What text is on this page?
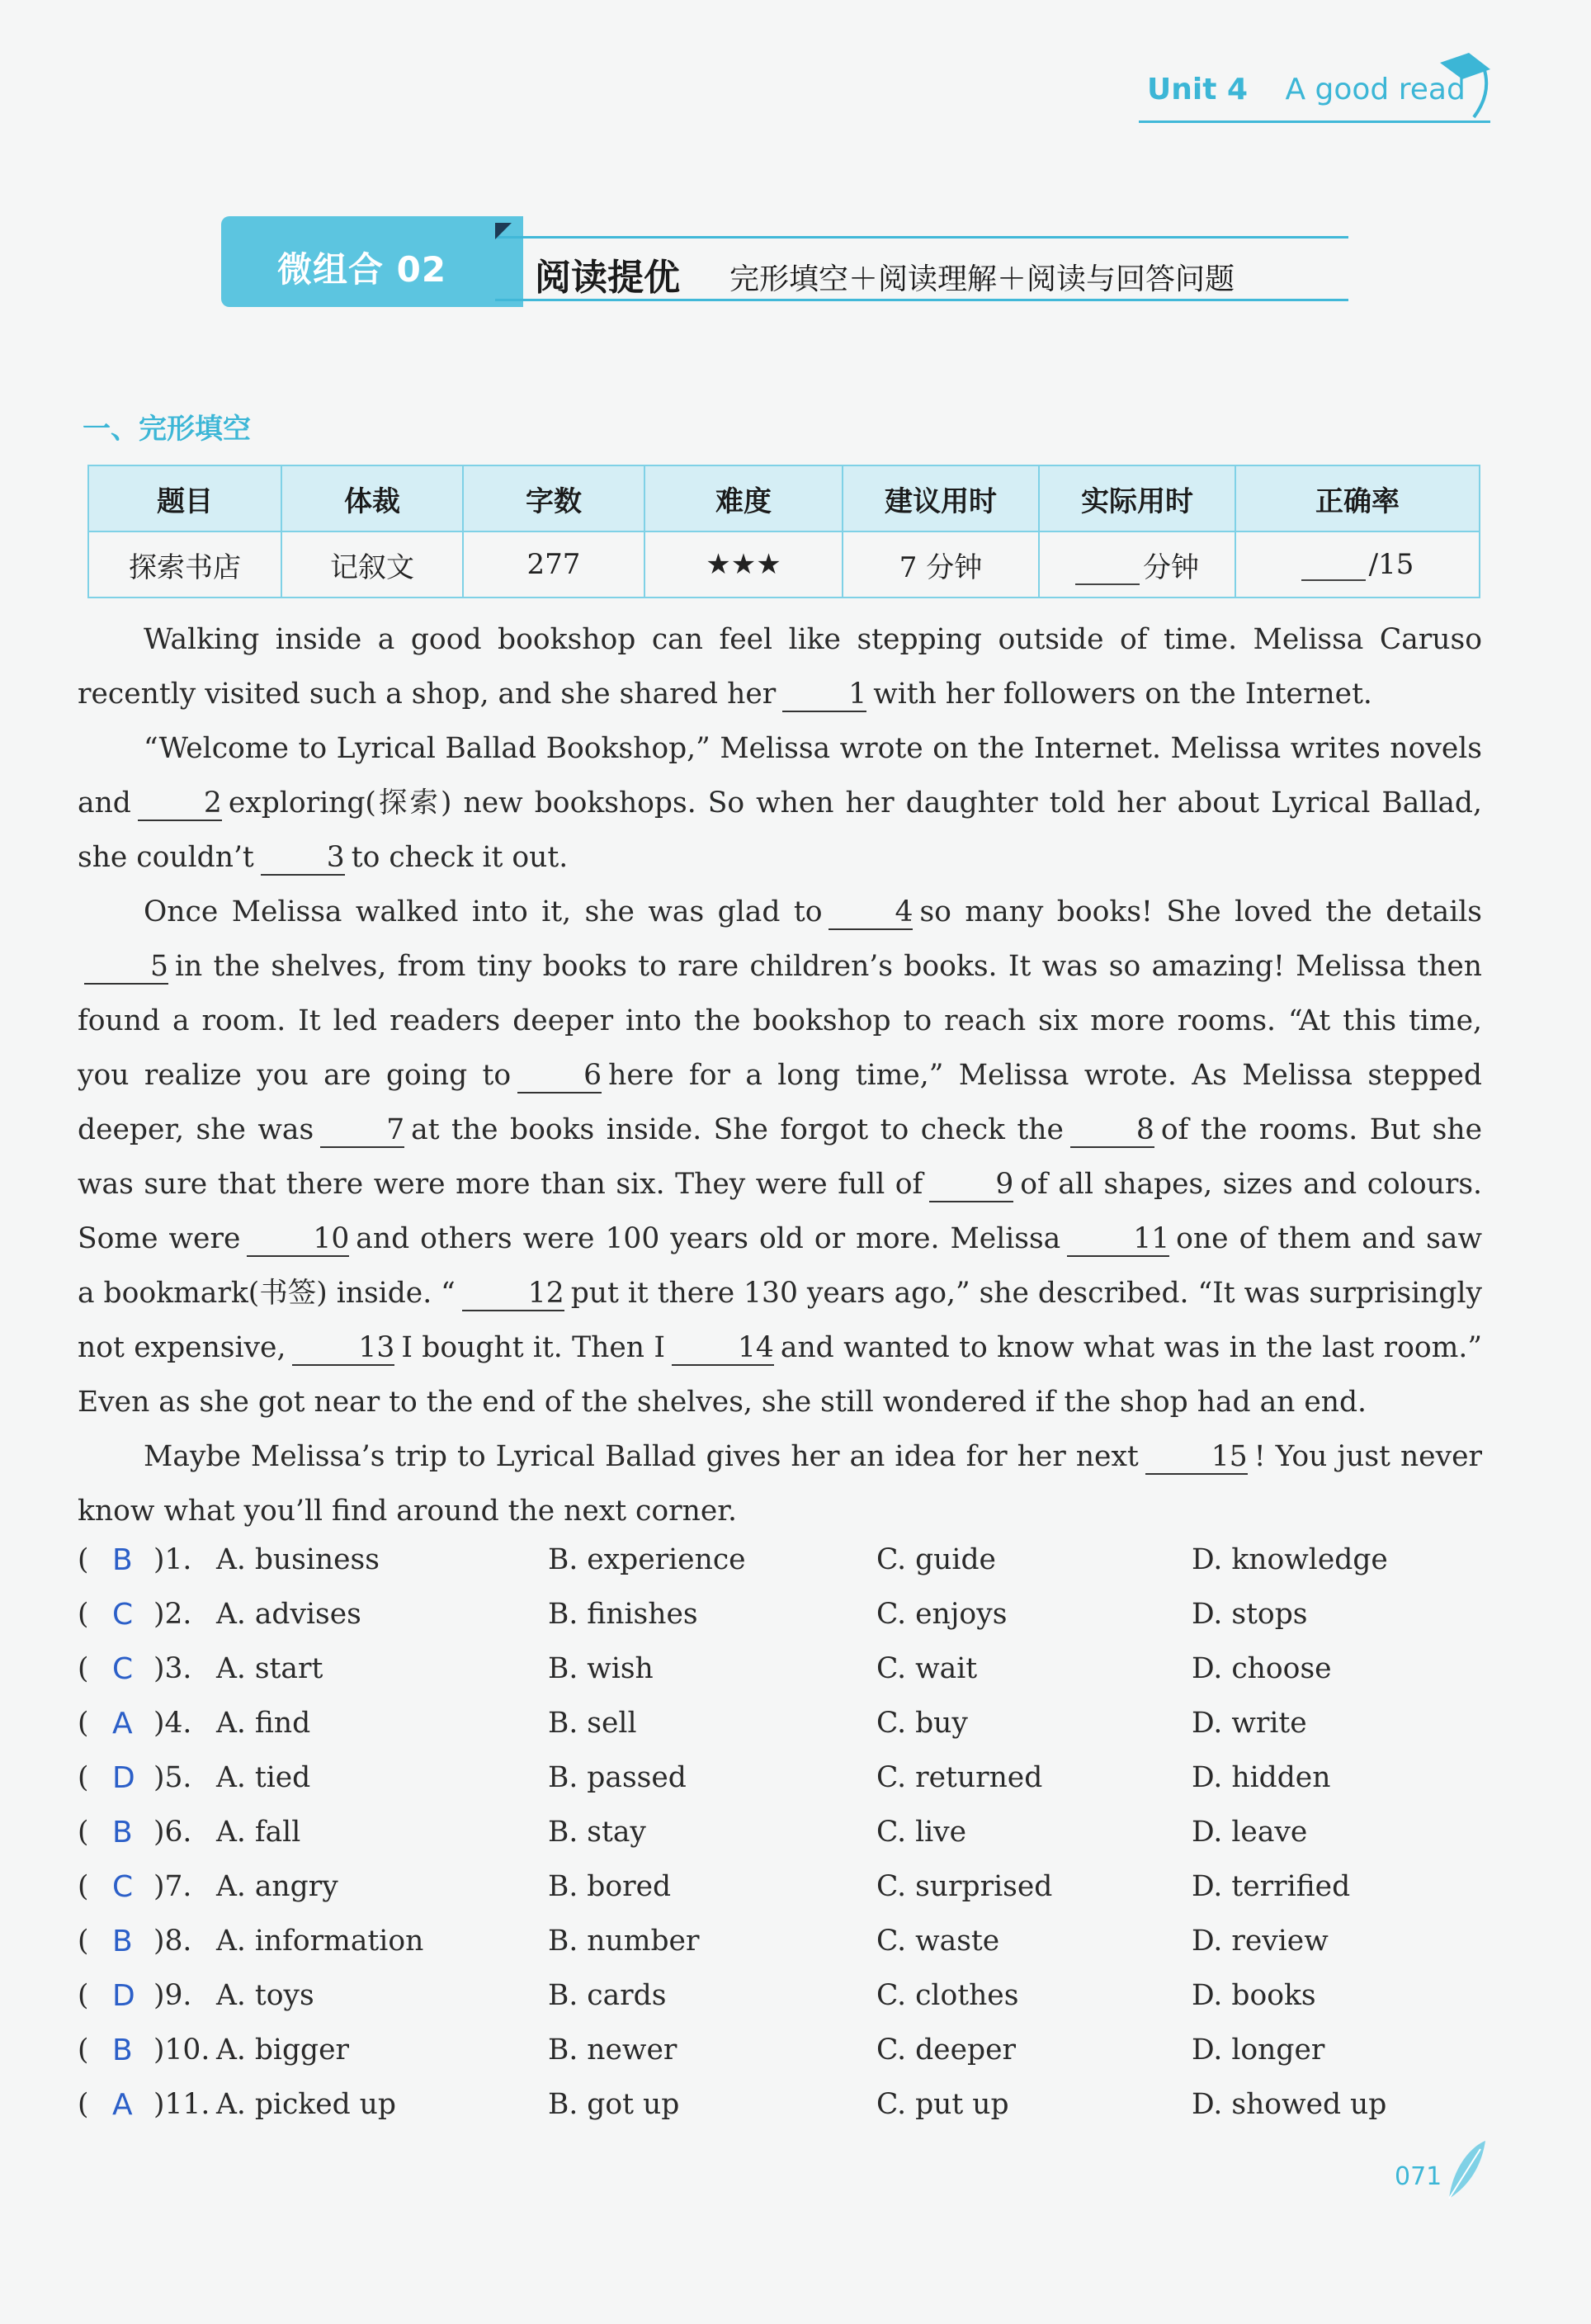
Unit 4 A good read
微组合 02 阅读提优 完形填空＋阅读理解＋阅读与回答问题
一、完形填空
题目	体裁	字数	难度	建议用时	实际用时	正确率
探索书店	记叙文	277	★★★	7 分钟	分钟	/15

Walking inside a good bookshop can feel like stepping outside of time. Melissa Caruso recently visited such a shop, and she shared her	1 with her followers on the Internet.

“Welcome to Lyrical Ballad Bookshop,” Melissa wrote on the Internet. Melissa writes novels and	2 exploring(探索) new bookshops. So when her daughter told her about Lyrical Ballad, she couldn’t	3 to check it out.

Once Melissa walked into it, she was glad to	4 so many books! She loved the details5 in the shelves, from tiny books to rare children’s books. It was so amazing! Melissa then found a room. It led readers deeper into the bookshop to reach six more rooms. “At this time, you realize you are going to	6 here for a long time,” Melissa wrote. As Melissa stepped deeper, she was	7 at the books inside. She forgot to check the	8 of the rooms. But she was sure that there were more than six. They were full of	9 of all shapes, sizes and colours. Some were	10 and others were 100 years old or more. Melissa	11 one of them and saw a bookmark(书签) inside. “	12 put it there 130 years ago,” she described. “It was surprisingly not expensive,	13 I bought it. Then I	14 and wanted to know what was in the last room.” Even as she got near to the end of the shelves, she still wondered if the shop had an end.

Maybe Melissa’s trip to Lyrical Ballad gives her an idea for her next	15 ! You just never know what you’ll find around the next corner.

( B )1. A. business	B. experience	C. guide	D. knowledge
( C )2. A. advises	B. finishes	C. enjoys	D. stops
( C )3. A. start	B. wish	C. wait	D. choose
( A )4. A. find	B. sell	C. buy	D. write
( D )5. A. tied	B. passed	C. returned	D. hidden
( B )6. A. fall	B. stay	C. live	D. leave
( C )7. A. angry	B. bored	C. surprised	D. terrified
( B )8. A. information	B. number	C. waste	D. review
( D )9. A. toys	B. cards	C. clothes	D. books
( B )10. A. bigger	B. newer	C. deeper	D. longer
( A )11. A. picked up	B. got up	C. put up	D. showed up
071
